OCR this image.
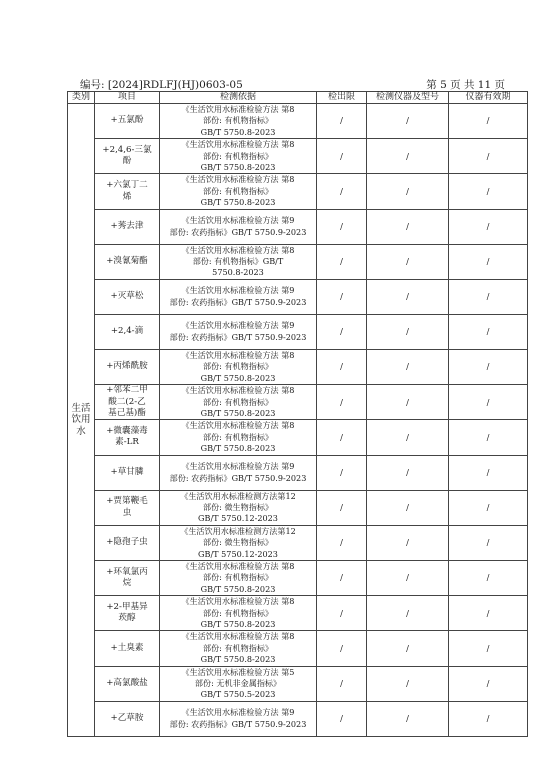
编号: [2024]RDLFJ(HJ)0603-05	第 5 页 共 11 页
类别	项目	检测依据	检出限	检测仪器及型号	仪器有效期
生活
饮用
水	+五氯酚	《生活饮用水标准检验方法 第8
部份: 有机物指标》
GB/T 5750.8-2023	/	/	/
	+2,4,6-三氯
酚	《生活饮用水标准检验方法 第8
部份: 有机物指标》
GB/T 5750.8-2023	/	/	/
	+六氯丁二
烯	《生活饮用水标准检验方法 第8
部份: 有机物指标》
GB/T 5750.8-2023	/	/	/
	+莠去津	《生活饮用水标准检验方法 第9
部份: 农药指标》GB/T 5750.9-2023	/	/	/
	+溴氰菊酯	《生活饮用水标准检验方法 第8
部份: 有机物指标》GB/T
5750.8-2023	/	/	/
	+灭草松	《生活饮用水标准检验方法 第9
部份: 农药指标》GB/T 5750.9-2023	/	/	/
	+2,4-滴	《生活饮用水标准检验方法 第9
部份: 农药指标》GB/T 5750.9-2023	/	/	/
	+丙烯酰胺	《生活饮用水标准检验方法 第8
部份: 有机物指标》
GB/T 5750.8-2023	/	/	/
	+邻苯二甲
酸二(2-乙
基己基)酯	《生活饮用水标准检验方法 第8
部份: 有机物指标》
GB/T 5750.8-2023	/	/	/
	+微囊藻毒
素-LR	《生活饮用水标准检验方法 第8
部份: 有机物指标》
GB/T 5750.8-2023	/	/	/
	+草甘膦	《生活饮用水标准检验方法 第9
部份: 农药指标》GB/T 5750.9-2023	/	/	/
	+贾第鞭毛
虫	《生活饮用水标准检测方法第12
部份: 微生物指标》
GB/T 5750.12-2023	/	/	/
	+隐孢子虫	《生活饮用水标准检测方法第12
部份: 微生物指标》
GB/T 5750.12-2023	/	/	/
	+环氧氯丙
烷	《生活饮用水标准检验方法 第8
部份: 有机物指标》
GB/T 5750.8-2023	/	/	/
	+2-甲基异
莰醇	《生活饮用水标准检验方法 第8
部份: 有机物指标》
GB/T 5750.8-2023	/	/	/
	+土臭素	《生活饮用水标准检验方法 第8
部份: 有机物指标》
GB/T 5750.8-2023	/	/	/
	+高氯酸盐	《生活饮用水标准检验方法 第5
部份: 无机非金属指标》
GB/T 5750.5-2023	/	/	/
	+乙草胺	《生活饮用水标准检验方法 第9
部份: 农药指标》GB/T 5750.9-2023	/	/	/
